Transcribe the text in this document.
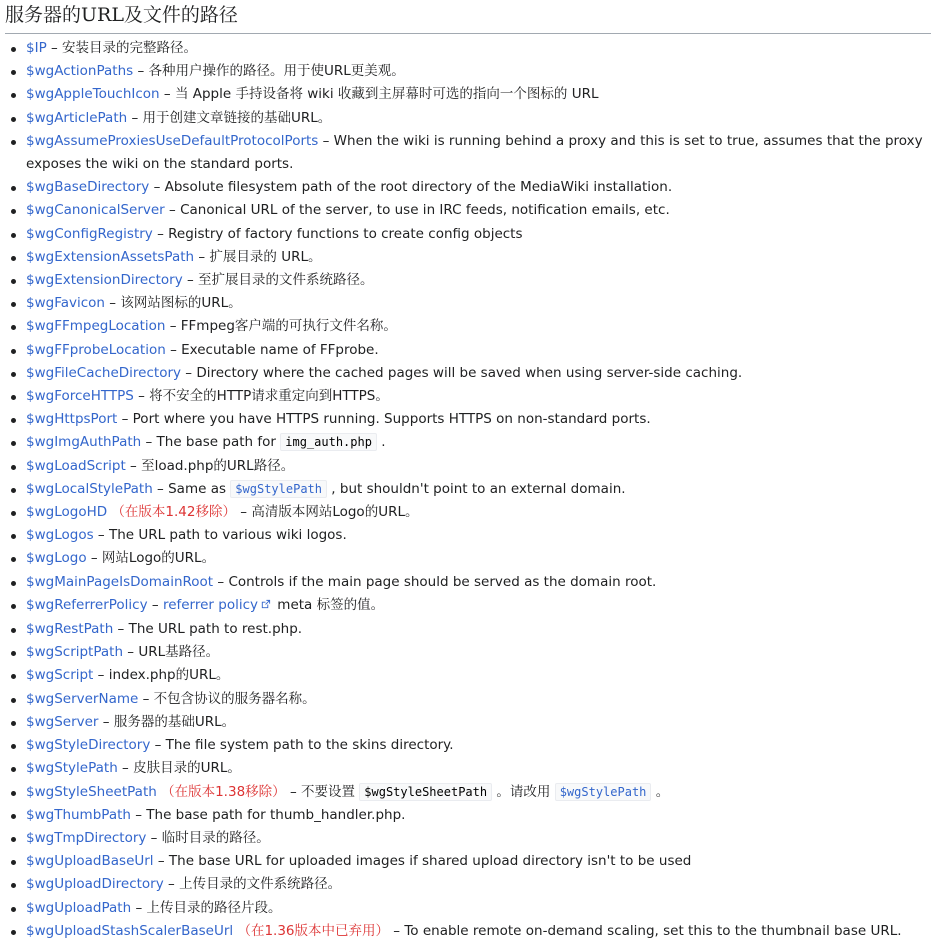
服务器的URL及文件的路径
$IP – 安装目录的完整路径。
$wgActionPaths – 各种用户操作的路径。用于使URL更美观。
$wgAppleTouchIcon – 当 Apple 手持设备将 wiki 收藏到主屏幕时可选的指向一个图标的 URL
$wgArticlePath – 用于创建文章链接的基础URL。
$wgAssumeProxiesUseDefaultProtocolPorts – When the wiki is running behind a proxy and this is set to true, assumes that the proxy exposes the wiki on the standard ports.
$wgBaseDirectory – Absolute filesystem path of the root directory of the MediaWiki installation.
$wgCanonicalServer – Canonical URL of the server, to use in IRC feeds, notification emails, etc.
$wgConfigRegistry – Registry of factory functions to create config objects
$wgExtensionAssetsPath – 扩展目录的 URL。
$wgExtensionDirectory – 至扩展目录的文件系统路径。
$wgFavicon – 该网站图标的URL。
$wgFFmpegLocation – FFmpeg客户端的可执行文件名称。
$wgFFprobeLocation – Executable name of FFprobe.
$wgFileCacheDirectory – Directory where the cached pages will be saved when using server-side caching.
$wgForceHTTPS – 将不安全的HTTP请求重定向到HTTPS。
$wgHttpsPort – Port where you have HTTPS running. Supports HTTPS on non-standard ports.
$wgImgAuthPath – The base path for img_auth.php .
$wgLoadScript – 至load.php的URL路径。
$wgLocalStylePath – Same as $wgStylePath , but shouldn't point to an external domain.
$wgLogoHD （在版本1.42移除） – 高清版本网站Logo的URL。
$wgLogos – The URL path to various wiki logos.
$wgLogo – 网站Logo的URL。
$wgMainPageIsDomainRoot – Controls if the main page should be served as the domain root.
$wgReferrerPolicy – referrer policy meta 标签的值。
$wgRestPath – The URL path to rest.php.
$wgScriptPath – URL基路径。
$wgScript – index.php的URL。
$wgServerName – 不包含协议的服务器名称。
$wgServer – 服务器的基础URL。
$wgStyleDirectory – The file system path to the skins directory.
$wgStylePath – 皮肤目录的URL。
$wgStyleSheetPath （在版本1.38移除） – 不要设置 $wgStyleSheetPath 。请改用 $wgStylePath 。
$wgThumbPath – The base path for thumb_handler.php.
$wgTmpDirectory – 临时目录的路径。
$wgUploadBaseUrl – The base URL for uploaded images if shared upload directory isn't to be used
$wgUploadDirectory – 上传目录的文件系统路径。
$wgUploadPath – 上传目录的路径片段。
$wgUploadStashScalerBaseUrl （在1.36版本中已弃用） – To enable remote on-demand scaling, set this to the thumbnail base URL.
